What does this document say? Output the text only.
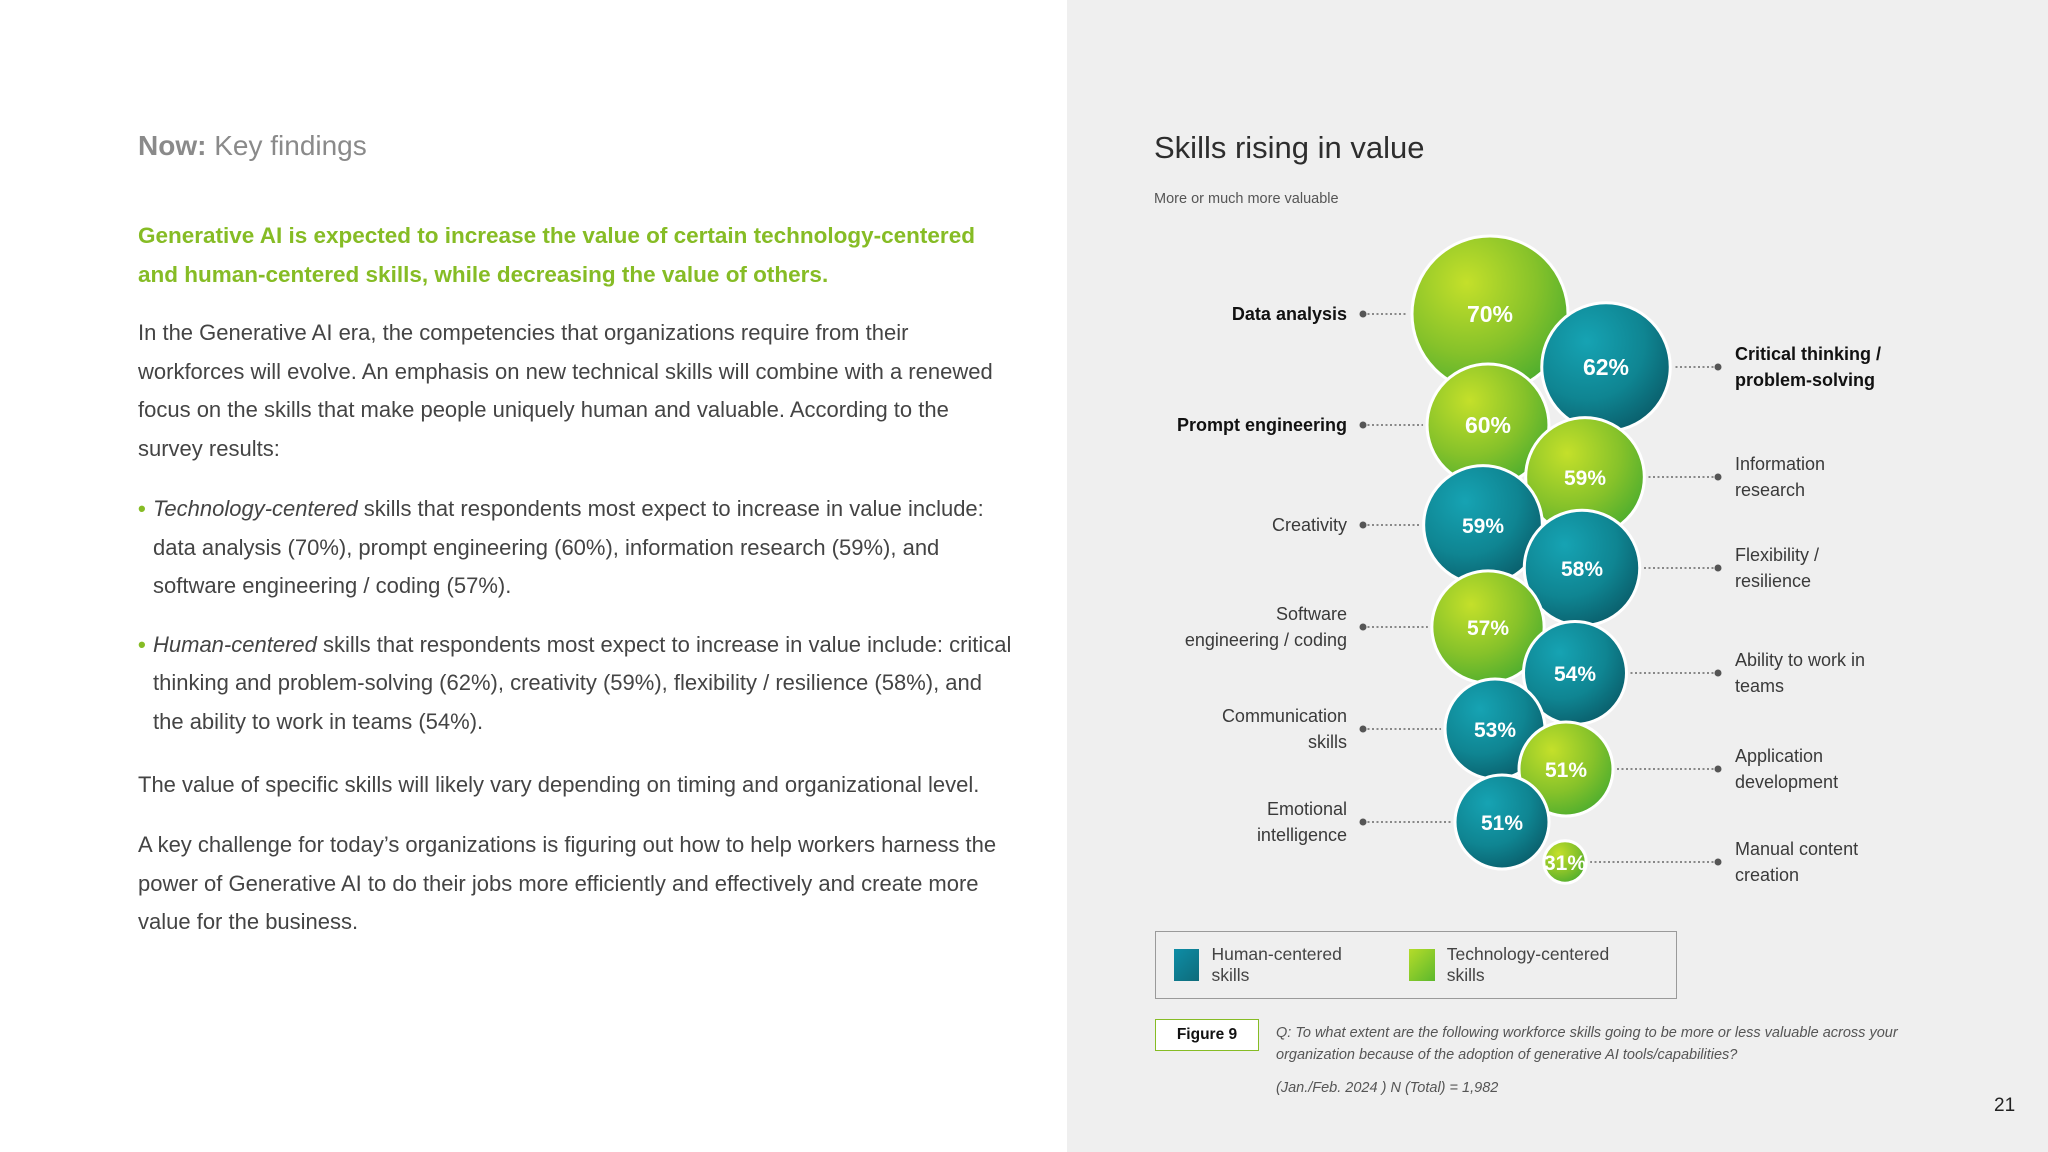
Now: Key findings

Generative AI is expected to increase the value of certain technology-centered and human-centered skills, while decreasing the value of others.

In the Generative AI era, the competencies that organizations require from their workforces will evolve. An emphasis on new technical skills will combine with a renewed focus on the skills that make people uniquely human and valuable. According to the survey results:

• Technology-centered skills that respondents most expect to increase in value include: data analysis (70%), prompt engineering (60%), information research (59%), and software engineering / coding (57%).
• Human-centered skills that respondents most expect to increase in value include: critical thinking and problem-solving (62%), creativity (59%), flexibility / resilience (58%), and the ability to work in teams (54%).

The value of specific skills will likely vary depending on timing and organizational level.

A key challenge for today’s organizations is figuring out how to help workers harness the power of Generative AI to do their jobs more efficiently and effectively and create more value for the business.

Skills rising in value

More or much more valuable

70%
62%
60%
59%
59%
58%
57%
54%
53%
51%
51%
31%
Data analysis
Critical thinking / problem-solving
Prompt engineering
Information research
Creativity
Flexibility / resilience
Software engineering / coding
Ability to work in teams
Communication skills
Application development
Emotional intelligence
Manual content creation
Human-centered skills
Technology-centered skills
Figure 9	Q: To what extent are the following workforce skills going to be more or less valuable across your organization because of the adoption of generative AI tools/capabilities?

(Jan./Feb. 2024 ) N (Total) = 1,982

21
